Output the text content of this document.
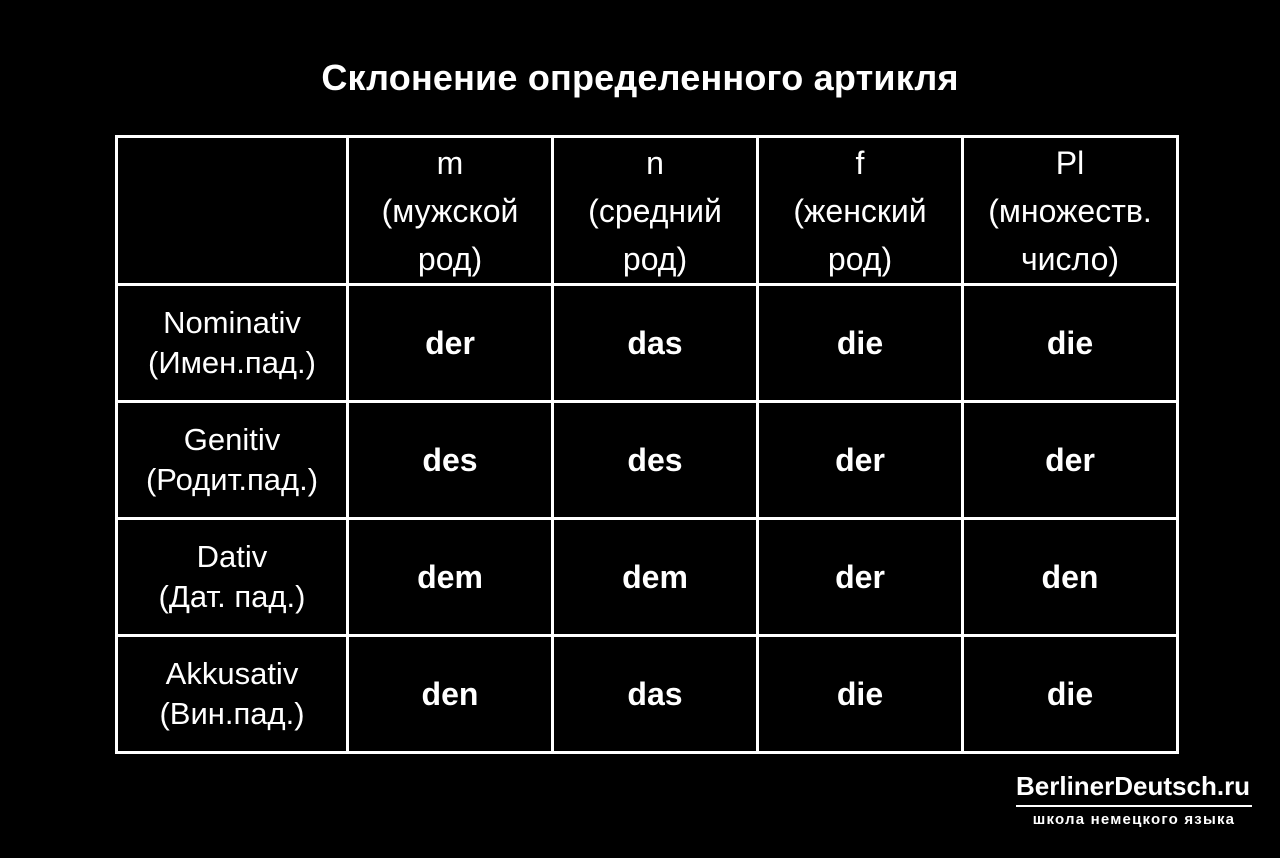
Склонение определенного артикля

	m
(мужской
род)	n
(средний
род)	f
(женский
род)	Pl
(множеств.
число)

Nominativ
(Имен.пад.)	der	das	die	die

Genitiv
(Родит.пад.)	des	des	der	der

Dativ
(Дат. пад.)	dem	dem	der	den

Akkusativ
(Вин.пад.)	den	das	die	die
BerlinerDeutsch.ru
школа немецкого языка
